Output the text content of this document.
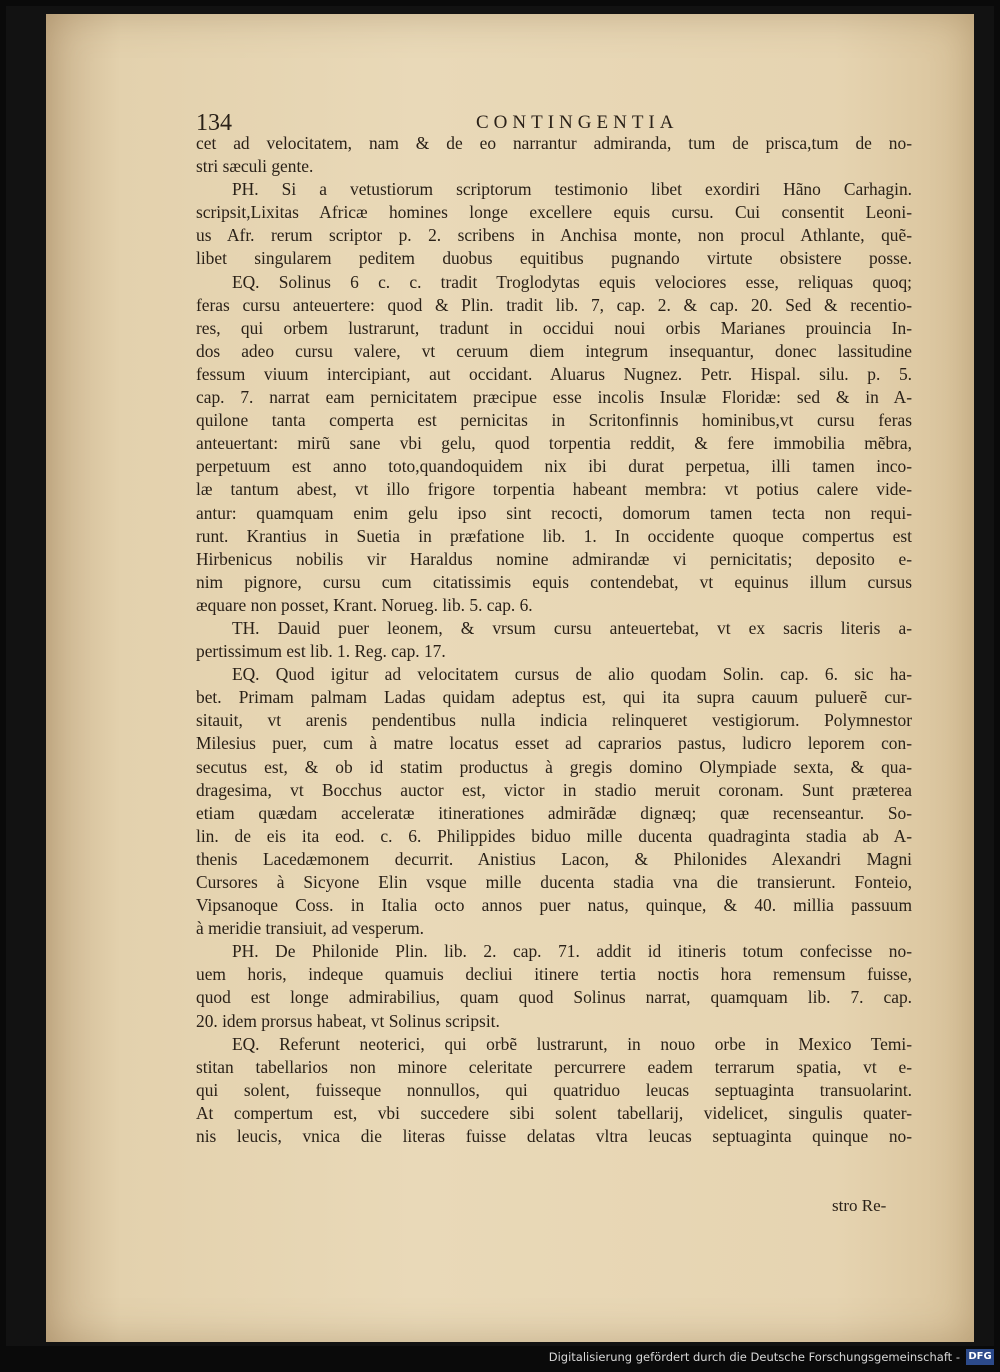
134	CONTINGENTIA
cet ad velocitatem, nam & de eo narrantur admiranda, tum de prisca,tum de no-
stri sæculi gente.
PH. Si a vetustiorum scriptorum testimonio libet exordiri Hãno Carhagin.
scripsit,Lixitas Africæ homines longe excellere equis cursu. Cui consentit Leoni-
us Afr. rerum scriptor p. 2. scribens in Anchisa monte, non procul Athlante, quẽ-
libet singularem peditem duobus equitibus pugnando virtute obsistere posse.
EQ. Solinus 6 c. c. tradit Troglodytas equis velociores esse, reliquas quoq;
feras cursu anteuertere: quod & Plin. tradit lib. 7, cap. 2. & cap. 20. Sed & recentio-
res, qui orbem lustrarunt, tradunt in occidui noui orbis Marianes prouincia In-
dos adeo cursu valere, vt ceruum diem integrum insequantur, donec lassitudine
fessum viuum intercipiant, aut occidant. Aluarus Nugnez. Petr. Hispal. silu. p. 5.
cap. 7. narrat eam pernicitatem præcipue esse incolis Insulæ Floridæ: sed & in A-
quilone tanta comperta est pernicitas in Scritonfinnis hominibus,vt cursu feras
anteuertant: mirũ sane vbi gelu, quod torpentia reddit, & fere immobilia mẽbra,
perpetuum est anno toto,quandoquidem nix ibi durat perpetua, illi tamen inco-
læ tantum abest, vt illo frigore torpentia habeant membra: vt potius calere vide-
antur: quamquam enim gelu ipso sint recocti, domorum tamen tecta non requi-
runt. Krantius in Suetia in præfatione lib. 1. In occidente quoque compertus est
Hirbenicus nobilis vir Haraldus nomine admirandæ vi pernicitatis; deposito e-
nim pignore, cursu cum citatissimis equis contendebat, vt equinus illum cursus
æquare non posset, Krant. Norueg. lib. 5. cap. 6.
TH. Dauid puer leonem, & vrsum cursu anteuertebat, vt ex sacris literis a-
pertissimum est lib. 1. Reg. cap. 17.
EQ. Quod igitur ad velocitatem cursus de alio quodam Solin. cap. 6. sic ha-
bet. Primam palmam Ladas quidam adeptus est, qui ita supra cauum puluerẽ cur-
sitauit, vt arenis pendentibus nulla indicia relinqueret vestigiorum. Polymnestor
Milesius puer, cum à matre locatus esset ad caprarios pastus, ludicro leporem con-
secutus est, & ob id statim productus à gregis domino Olympiade sexta, & qua-
dragesima, vt Bocchus auctor est, victor in stadio meruit coronam. Sunt præterea
etiam quædam acceleratæ itinerationes admirãdæ dignæq; quæ recenseantur. So-
lin. de eis ita eod. c. 6. Philippides biduo mille ducenta quadraginta stadia ab A-
thenis Lacedæmonem decurrit. Anistius Lacon, & Philonides Alexandri Magni
Cursores à Sicyone Elin vsque mille ducenta stadia vna die transierunt. Fonteio,
Vipsanoque Coss. in Italia octo annos puer natus, quinque, & 40. millia passuum
à meridie transiuit, ad vesperum.
PH. De Philonide Plin. lib. 2. cap. 71. addit id itineris totum confecisse no-
uem horis, indeque quamuis decliui itinere tertia noctis hora remensum fuisse,
quod est longe admirabilius, quam quod Solinus narrat, quamquam lib. 7. cap.
20. idem prorsus habeat, vt Solinus scripsit.
EQ. Referunt neoterici, qui orbẽ lustrarunt, in nouo orbe in Mexico Temi-
stitan tabellarios non minore celeritate percurrere eadem terrarum spatia, vt e-
qui solent, fuisseque nonnullos, qui quatriduo leucas septuaginta transuolarint.
At compertum est, vbi succedere sibi solent tabellarij, videlicet, singulis quater-
nis leucis, vnica die literas fuisse delatas vltra leucas septuaginta quinque no-
stro Re-
Digitalisierung gefördert durch die Deutsche Forschungsgemeinschaft - DFG
